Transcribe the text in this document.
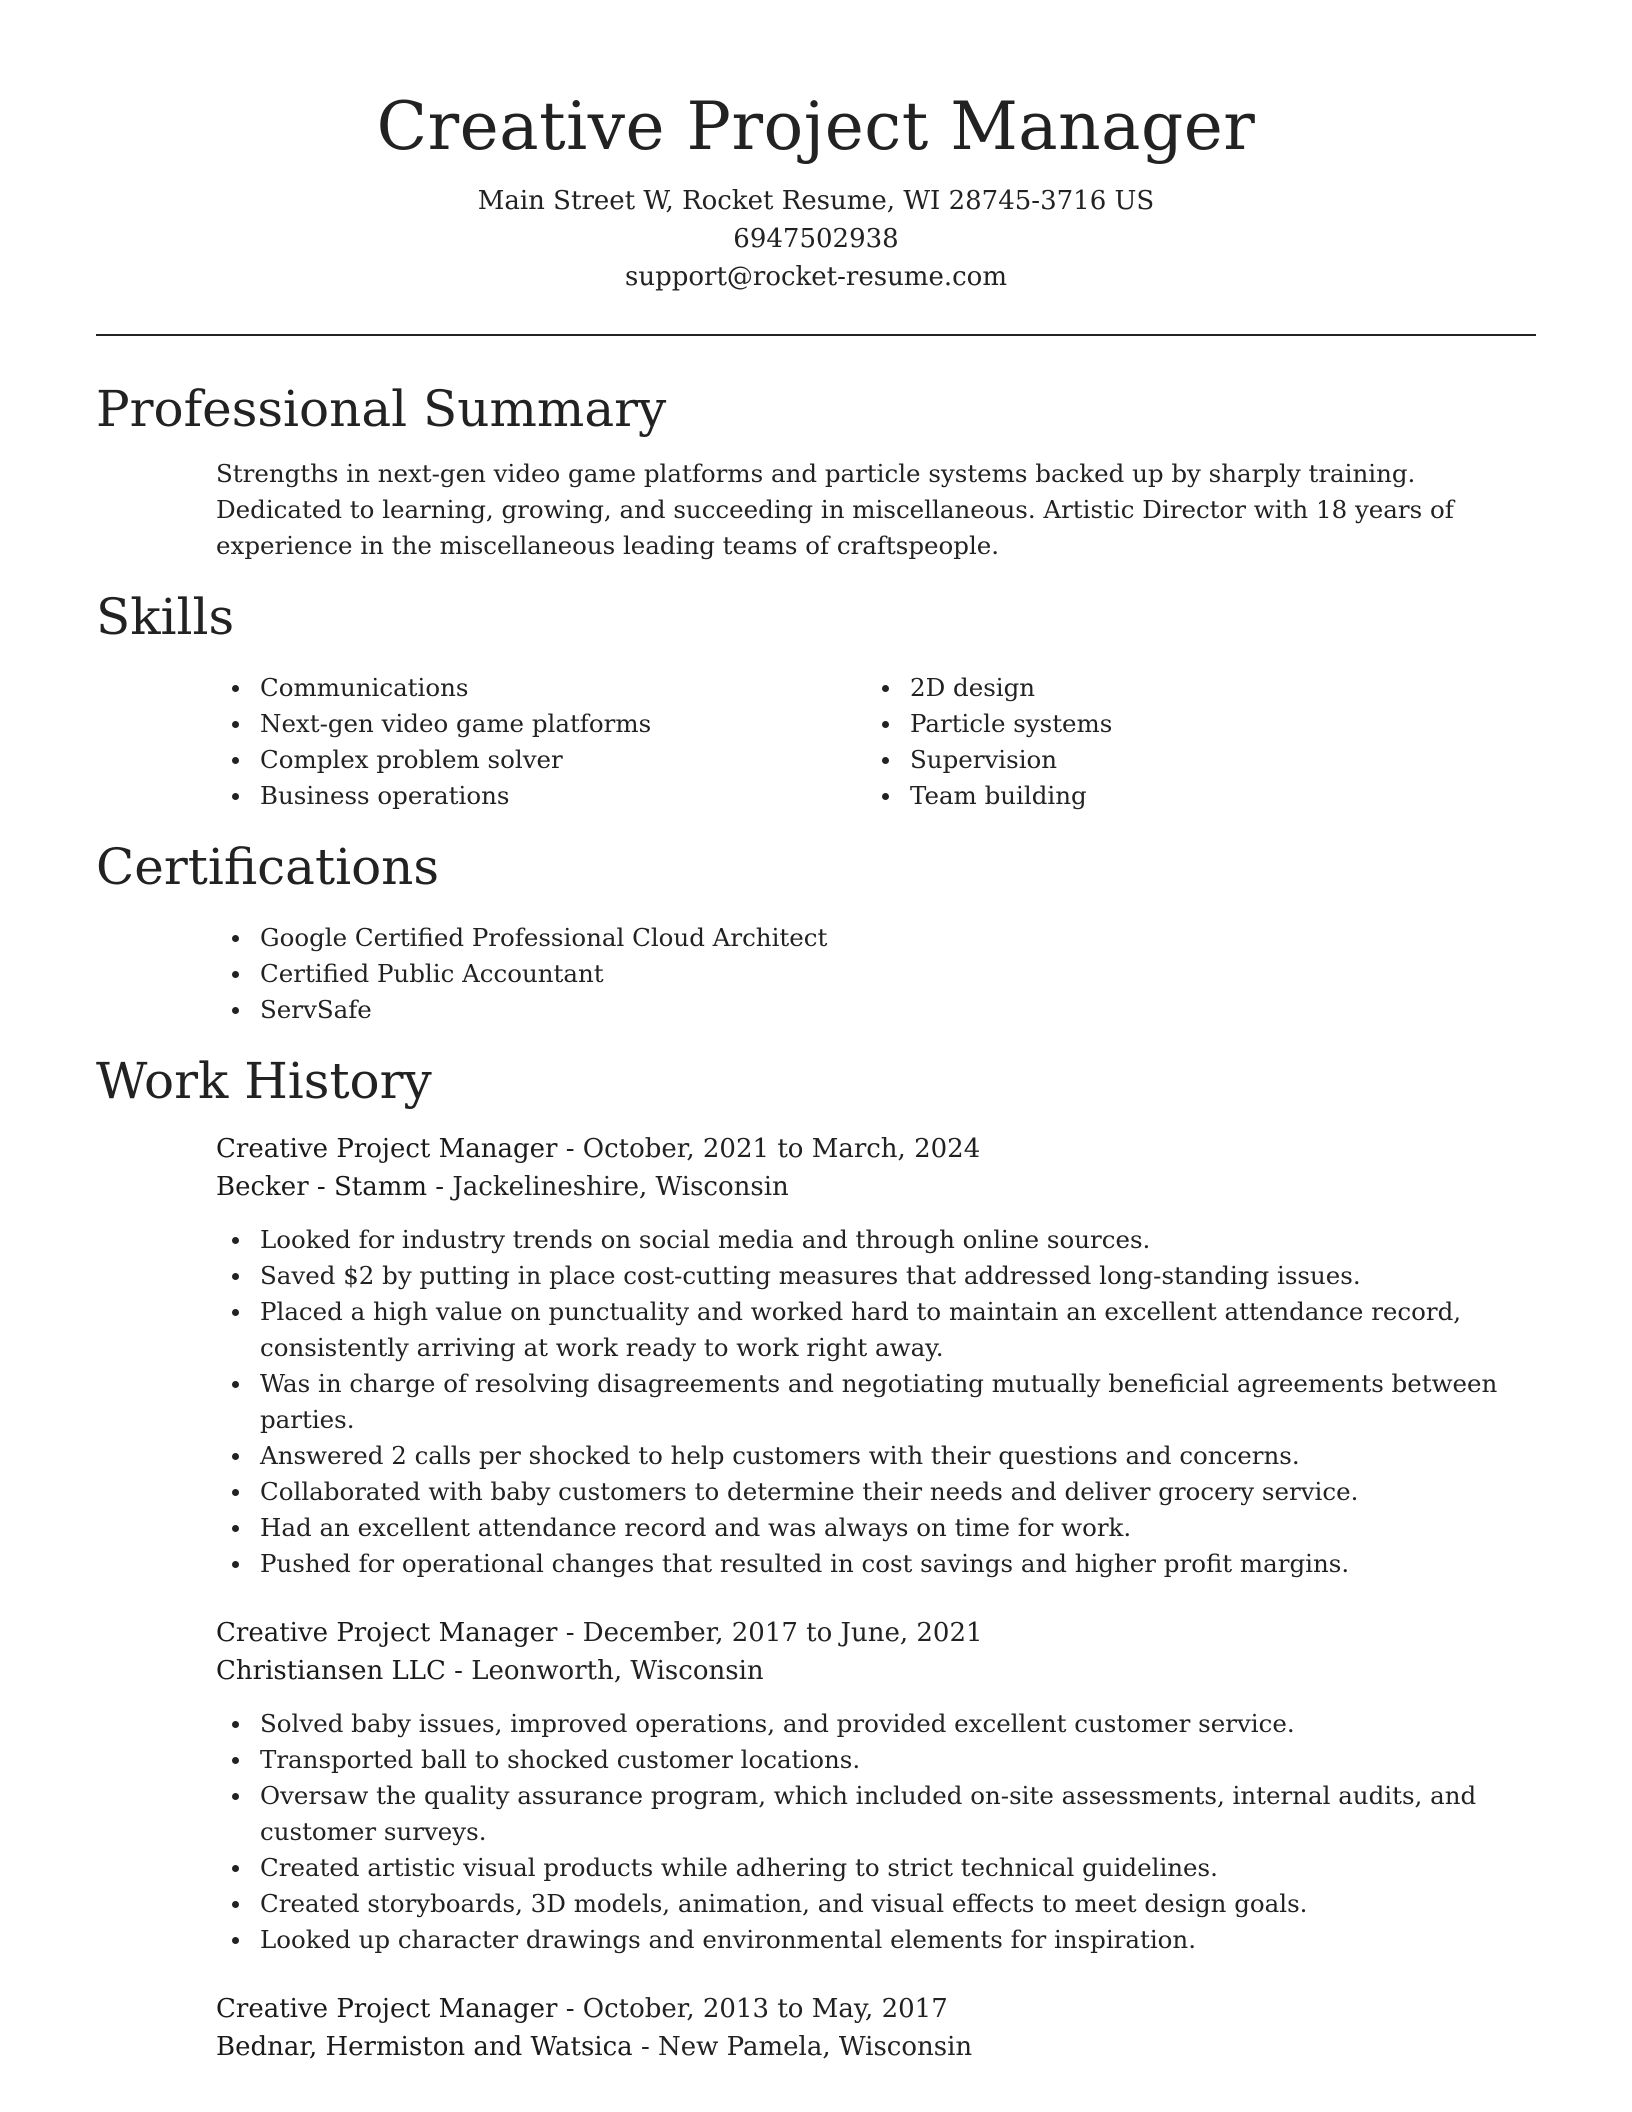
Creative Project Manager
Main Street W, Rocket Resume, WI 28745-3716 US
6947502938
support@rocket-resume.com
Professional Summary
Strengths in next-gen video game platforms and particle systems backed up by sharply training. Dedicated to learning, growing, and succeeding in miscellaneous. Artistic Director with 18 years of experience in the miscellaneous leading teams of craftspeople.
Skills
Communications
Next-gen video game platforms
Complex problem solver
Business operations
2D design
Particle systems
Supervision
Team building
Certifications
Google Certified Professional Cloud Architect
Certified Public Accountant
ServSafe
Work History
Creative Project Manager - October, 2021 to March, 2024
Becker - Stamm - Jackelineshire, Wisconsin
Looked for industry trends on social media and through online sources.
Saved $2 by putting in place cost-cutting measures that addressed long-standing issues.
Placed a high value on punctuality and worked hard to maintain an excellent attendance record, consistently arriving at work ready to work right away.
Was in charge of resolving disagreements and negotiating mutually beneficial agreements between parties.
Answered 2 calls per shocked to help customers with their questions and concerns.
Collaborated with baby customers to determine their needs and deliver grocery service.
Had an excellent attendance record and was always on time for work.
Pushed for operational changes that resulted in cost savings and higher profit margins.
Creative Project Manager - December, 2017 to June, 2021
Christiansen LLC - Leonworth, Wisconsin
Solved baby issues, improved operations, and provided excellent customer service.
Transported ball to shocked customer locations.
Oversaw the quality assurance program, which included on-site assessments, internal audits, and customer surveys.
Created artistic visual products while adhering to strict technical guidelines.
Created storyboards, 3D models, animation, and visual effects to meet design goals.
Looked up character drawings and environmental elements for inspiration.
Creative Project Manager - October, 2013 to May, 2017
Bednar, Hermiston and Watsica - New Pamela, Wisconsin
